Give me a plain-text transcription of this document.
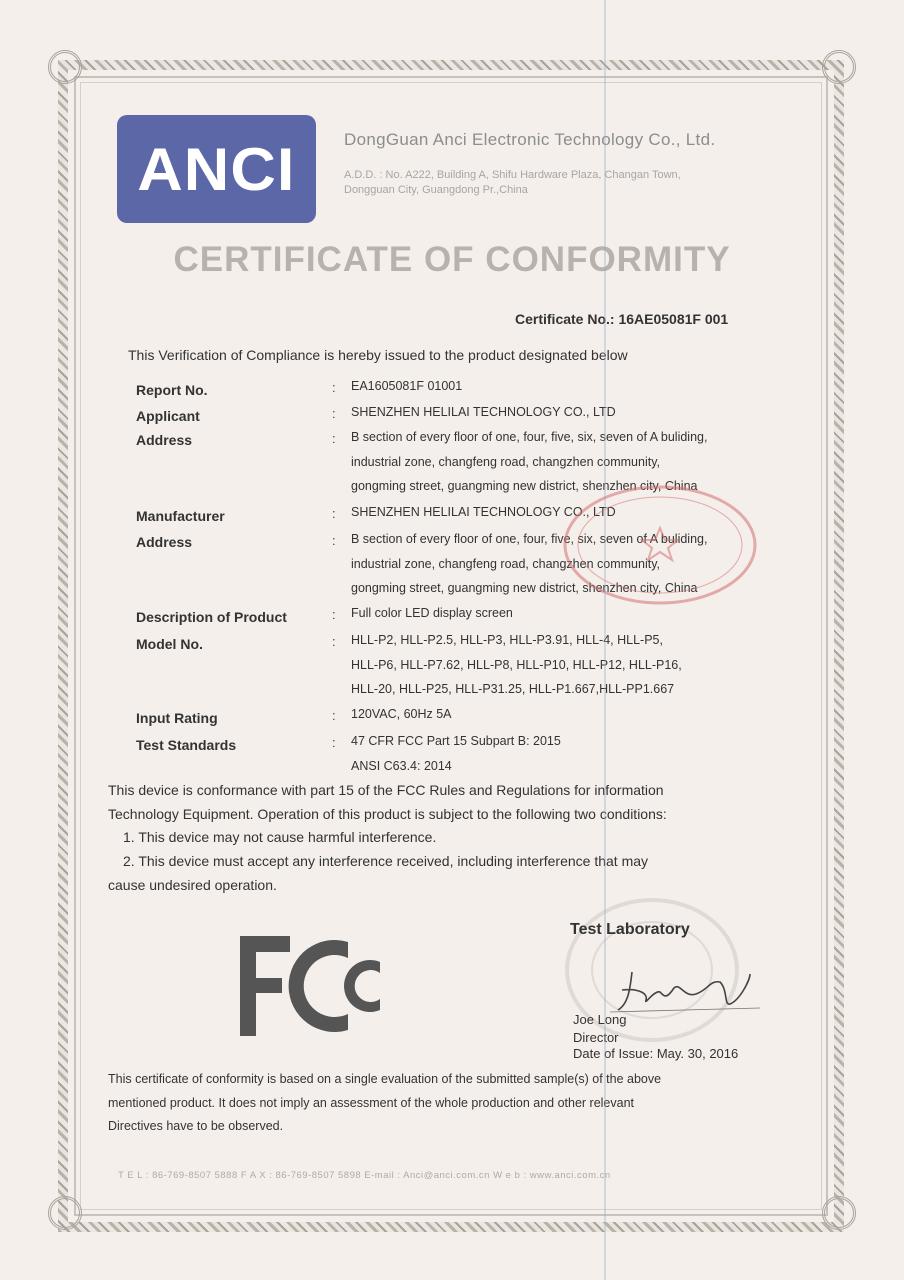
ANCI	DongGuan Anci Electronic Technology Co., Ltd.
A.D.D. : No. A222, Building A, Shifu Hardware Plaza, Changan Town,
Dongguan City, Guangdong Pr.,China
CERTIFICATE OF CONFORMITY
Certificate No.: 16AE05081F 001
This Verification of Compliance is hereby issued to the product designated below
Report No.	: EA1605081F 01001
Applicant	: SHENZHEN HELILAI TECHNOLOGY CO., LTD
Address	: B section of every floor of one, four, five, six, seven of A buliding,
industrial zone, changfeng road, changzhen community,
gongming street, guangming new district, shenzhen city, China
Manufacturer	: SHENZHEN HELILAI TECHNOLOGY CO., LTD
Address	: B section of every floor of one, four, five, six, seven of A buliding,
industrial zone, changfeng road, changzhen community,
gongming street, guangming new district, shenzhen city, China
Description of Product	: Full color LED display screen
Model No.	: HLL-P2, HLL-P2.5, HLL-P3, HLL-P3.91, HLL-4, HLL-P5,
HLL-P6, HLL-P7.62, HLL-P8, HLL-P10, HLL-P12, HLL-P16,
HLL-20, HLL-P25, HLL-P31.25, HLL-P1.667,HLL-PP1.667
Input Rating	: 120VAC, 60Hz 5A
Test Standards	: 47 CFR FCC Part 15 Subpart B: 2015
ANSI C63.4: 2014
This device is conformance with part 15 of the FCC Rules and Regulations for information
Technology Equipment. Operation of this product is subject to the following two conditions:
1. This device may not cause harmful interference.
2. This device must accept any interference received, including interference that may
cause undesired operation.
Test Laboratory
Joe Long
Director
Date of Issue: May. 30, 2016
This certificate of conformity is based on a single evaluation of the submitted sample(s) of the above
mentioned product. It does not imply an assessment of the whole production and other relevant
Directives have to be observed.
T E L : 86-769-8507 5888 F A X : 86-769-8507 5898 E-mail : Anci@anci.com.cn W e b : www.anci.com.cn
